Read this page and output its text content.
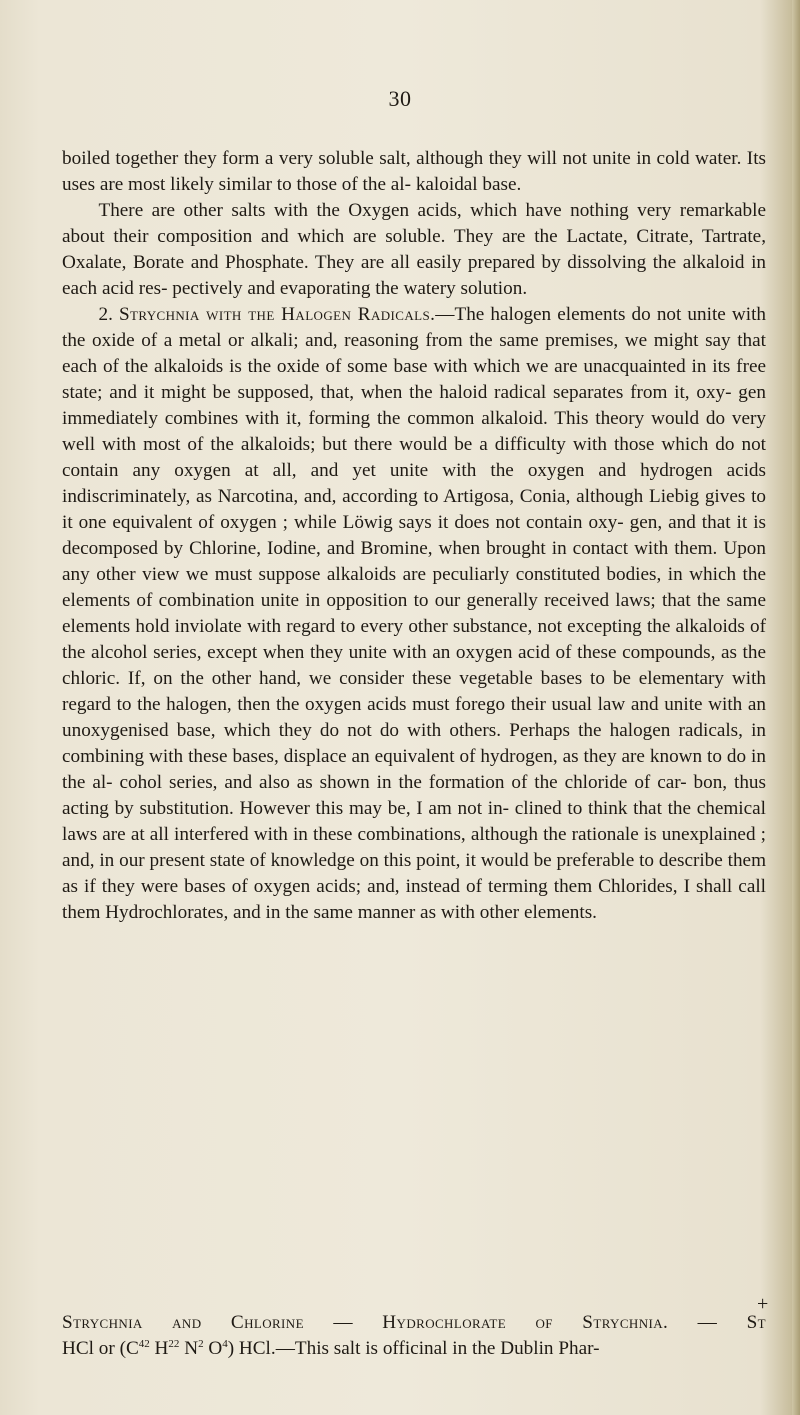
30

boiled together they form a very soluble salt, although they will not unite in cold water. Its uses are most likely similar to those of the al- kaloidal base.

There are other salts with the Oxygen acids, which have nothing very remarkable about their composition and which are soluble. They are the Lactate, Citrate, Tartrate, Oxalate, Borate and Phosphate. They are all easily prepared by dissolving the alkaloid in each acid res- pectively and evaporating the watery solution.

2. Strychnia with the Halogen Radicals.—The halogen elements do not unite with the oxide of a metal or alkali; and, reasoning from the same premises, we might say that each of the alkaloids is the oxide of some base with which we are unacquainted in its free state; and it might be supposed, that, when the haloid radical separates from it, oxy- gen immediately combines with it, forming the common alkaloid. This theory would do very well with most of the alkaloids; but there would be a difficulty with those which do not contain any oxygen at all, and yet unite with the oxygen and hydrogen acids indiscriminately, as Narcotina, and, according to Artigosa, Conia, although Liebig gives to it one equivalent of oxygen ; while Löwig says it does not contain oxy- gen, and that it is decomposed by Chlorine, Iodine, and Bromine, when brought in contact with them. Upon any other view we must suppose alkaloids are peculiarly constituted bodies, in which the elements of combination unite in opposition to our generally received laws; that the same elements hold inviolate with regard to every other substance, not excepting the alkaloids of the alcohol series, except when they unite with an oxygen acid of these compounds, as the chloric. If, on the other hand, we consider these vegetable bases to be elementary with regard to the halogen, then the oxygen acids must forego their usual law and unite with an unoxygenised base, which they do not do with others. Perhaps the halogen radicals, in combining with these bases, displace an equivalent of hydrogen, as they are known to do in the al- cohol series, and also as shown in the formation of the chloride of car- bon, thus acting by substitution. However this may be, I am not in- clined to think that the chemical laws are at all interfered with in these combinations, although the rationale is unexplained ; and, in our present state of knowledge on this point, it would be preferable to describe them as if they were bases of oxygen acids; and, instead of terming them Chlorides, I shall call them Hydrochlorates, and in the same manner as with other elements.

+
Strychnia and Chlorine — Hydrochlorate of Strychnia. — St
HCl or ($C^{42}$ $H^{22}$ $N^2$ $O^4$) HCl.—This salt is officinal in the Dublin Phar-
